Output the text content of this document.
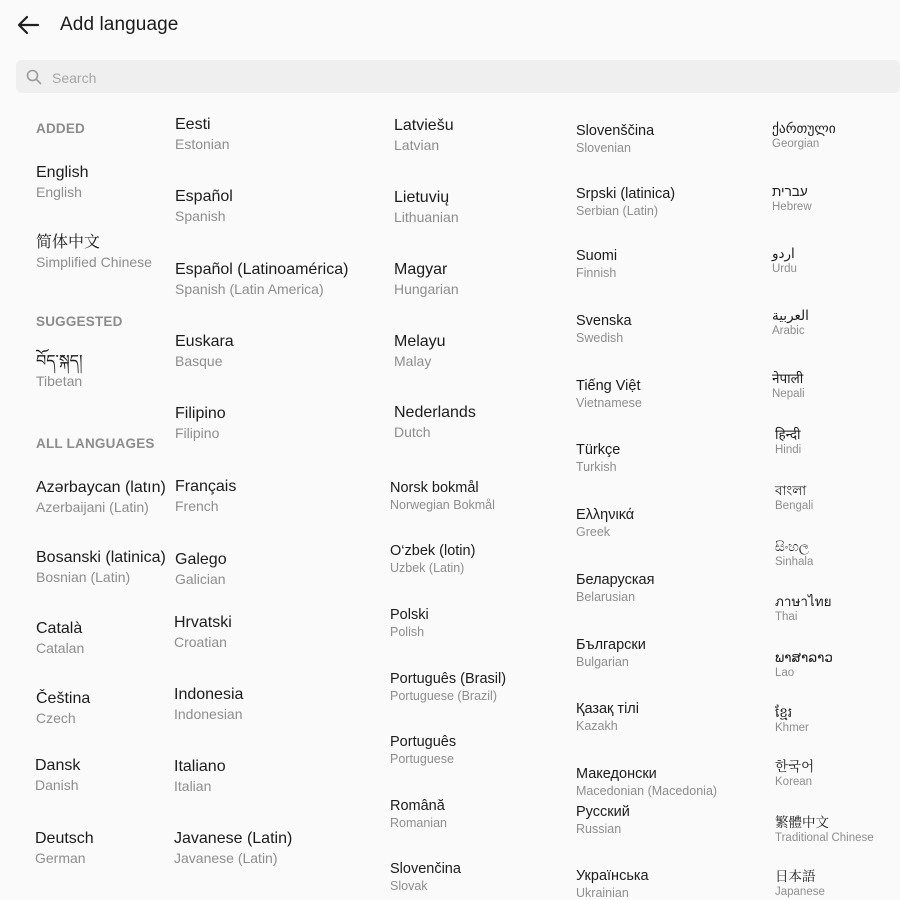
Add language
Search
ADDED
SUGGESTED
ALL LANGUAGES
English
English
简体中文
Simplified Chinese
བོད་སྐད།
Tibetan
Azərbaycan (latın)
Azerbaijani (Latin)
Bosanski (latinica)
Bosnian (Latin)
Català
Catalan
Čeština
Czech
Dansk
Danish
Deutsch
German
Eesti
Estonian
Español
Spanish
Español (Latinoamérica)
Spanish (Latin America)
Euskara
Basque
Filipino
Filipino
Français
French
Galego
Galician
Hrvatski
Croatian
Indonesia
Indonesian
Italiano
Italian
Javanese (Latin)
Javanese (Latin)
Latviešu
Latvian
Lietuvių
Lithuanian
Magyar
Hungarian
Melayu
Malay
Nederlands
Dutch
Norsk bokmål
Norwegian Bokmål
O‘zbek (lotin)
Uzbek (Latin)
Polski
Polish
Português (Brasil)
Portuguese (Brazil)
Português
Portuguese
Română
Romanian
Slovenčina
Slovak
Slovenščina
Slovenian
Srpski (latinica)
Serbian (Latin)
Suomi
Finnish
Svenska
Swedish
Tiếng Việt
Vietnamese
Türkçe
Turkish
Ελληνικά
Greek
Беларуская
Belarusian
Български
Bulgarian
Қазақ тілі
Kazakh
Македонски
Macedonian (Macedonia)
Русский
Russian
Українська
Ukrainian
ქართული
Georgian
עברית
Hebrew
اردو
Urdu
العربية
Arabic
नेपाली
Nepali
हिन्दी
Hindi
বাংলা
Bengali
සිංහල
Sinhala
ภาษาไทย
Thai
ພາສາລາວ
Lao
ខ្មែរ
Khmer
한국어
Korean
繁體中文
Traditional Chinese
日本語
Japanese
